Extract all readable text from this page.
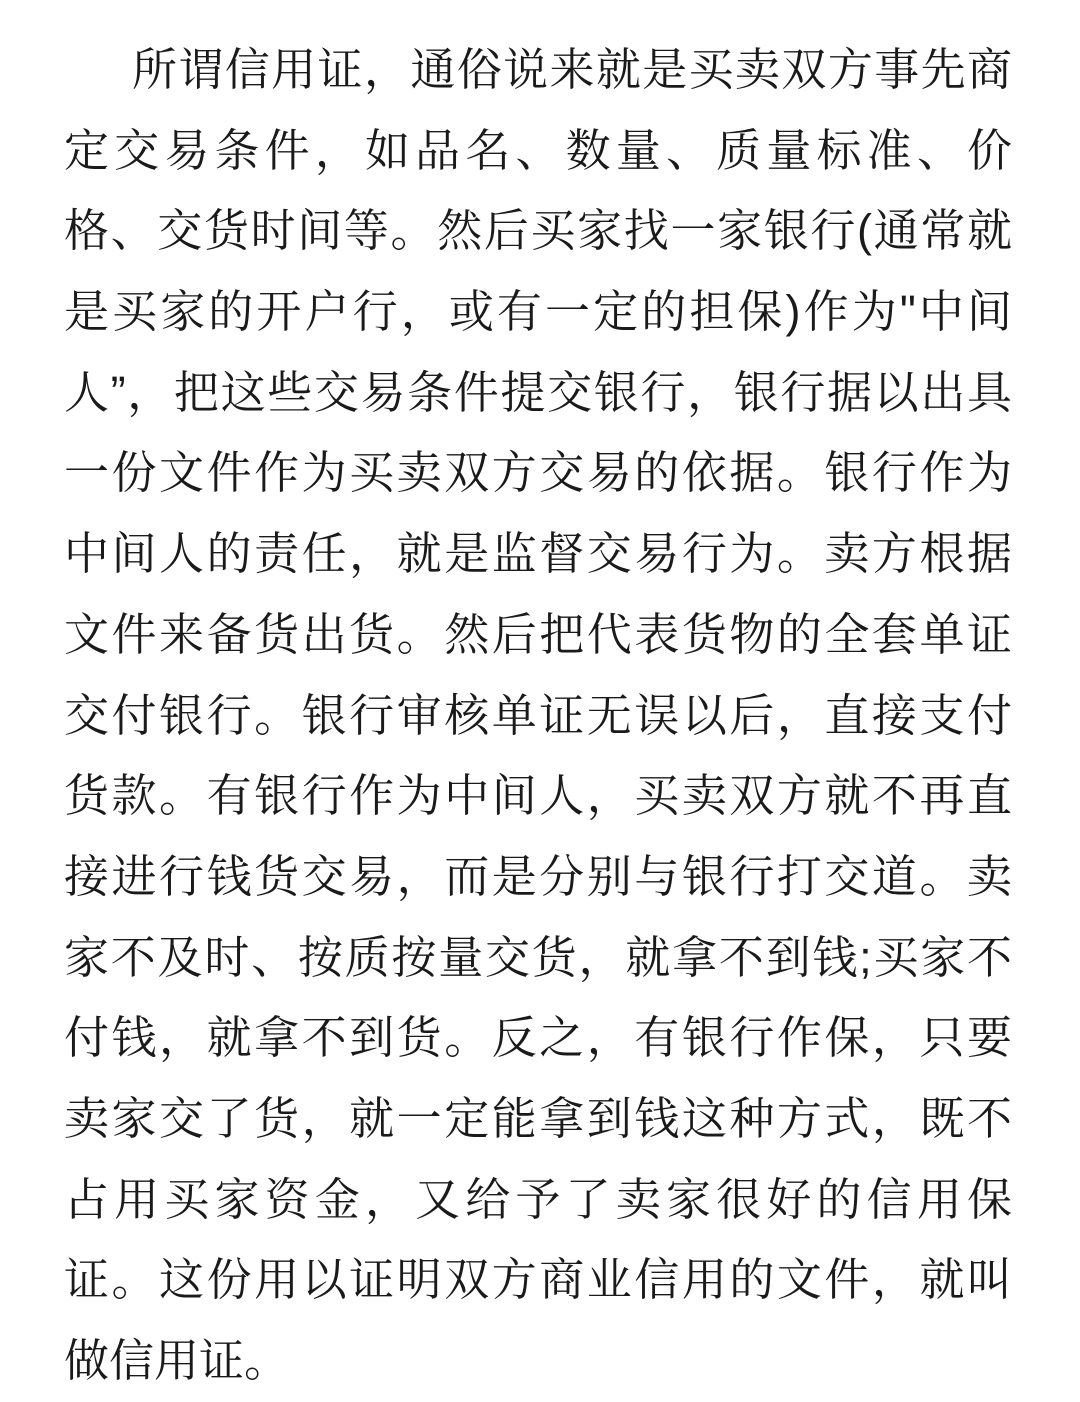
所谓信用证，通俗说来就是买卖双方事先商
定交易条件，如品名、数量、质量标准、价
格、交货时间等。然后买家找一家银行(通常就
是买家的开户行，或有一定的担保)作为"中间
人”，把这些交易条件提交银行，银行据以出具
一份文件作为买卖双方交易的依据。银行作为
中间人的责任，就是监督交易行为。卖方根据
文件来备货出货。然后把代表货物的全套单证
交付银行。银行审核单证无误以后，直接支付
货款。有银行作为中间人，买卖双方就不再直
接进行钱货交易，而是分别与银行打交道。卖
家不及时、按质按量交货，就拿不到钱;买家不
付钱，就拿不到货。反之，有银行作保，只要
卖家交了货，就一定能拿到钱这种方式，既不
占用买家资金，又给予了卖家很好的信用保
证。这份用以证明双方商业信用的文件，就叫
做信用证。
